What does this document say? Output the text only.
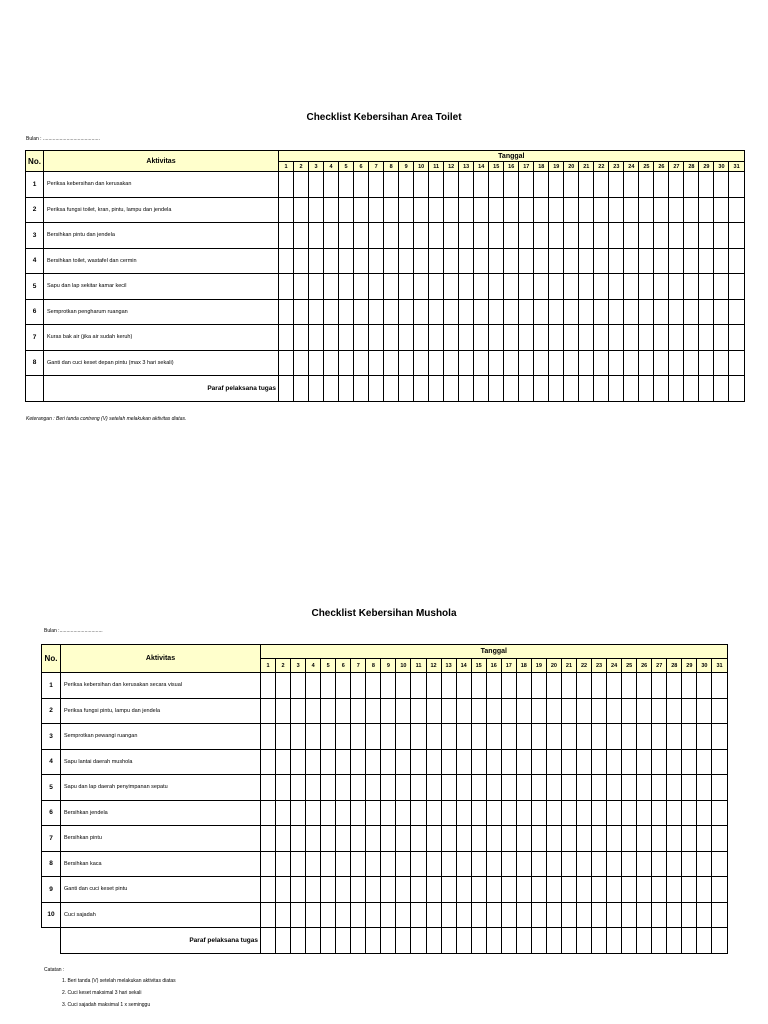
Checklist Kebersihan Area Toilet
Bulan : .........................................
No.	Aktivitas	Tanggal																														
		1	2	3	4	5	6	7	8	9	10	11	12	13	14	15	16	17	18	19	20	21	22	23	24	25	26	27	28	29	30	31
1	Periksa kebersihan dan kerusakan																															
2	Periksa fungsi toilet, kran, pintu, lampu dan jendela																															
3	Bersihkan pintu dan jendela																															
4	Bersihkan toilet, wastafel dan cermin																															
5	Sapu dan lap sekitar kamar kecil																															
6	Semprotkan pengharum ruangan																															
7	Kuras bak air (jika air sudah keruh)																															
8	Ganti dan cuci keset depan pintu (max 3 hari sekali)																															
	Paraf pelaksana tugas																															
Keterangan : Beri tanda contreng (V) setelah melakukan aktivitas diatas.
Checklist Kebersihan Mushola
Bulan :...............................
No.	Aktivitas	Tanggal																														
		1	2	3	4	5	6	7	8	9	10	11	12	13	14	15	16	17	18	19	20	21	22	23	24	25	26	27	28	29	30	31
1	Periksa kebersihan dan kerusakan secara visual																															
2	Periksa fungsi pintu, lampu dan jendela																															
3	Semprotkan pewangi ruangan																															
4	Sapu lantai daerah mushola																															
5	Sapu dan lap daerah penyimpanan sepatu																															
6	Bersihkan jendela																															
7	Bersihkan pintu																															
8	Bersihkan kaca																															
9	Ganti dan cuci keset pintu																															
10	Cuci sajadah																															
	Paraf pelaksana tugas																															
Catatan :
1. Beri tanda (V) setelah melakukan aktivitas diatas
2. Cuci keset maksimal 3 hari sekali
3. Cuci sajadah maksimal 1 x seminggu
